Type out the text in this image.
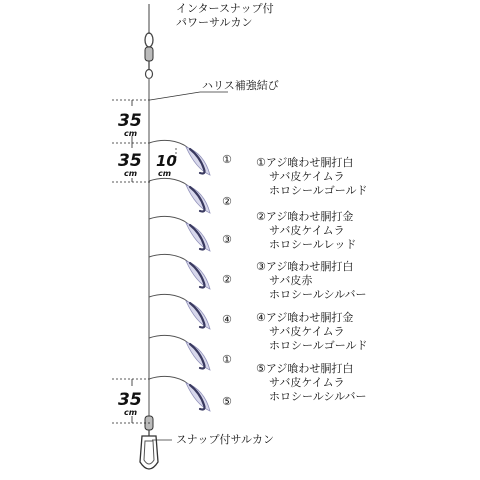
①
②
③
②
④
①
⑤
35
cm
35
cm
10
cm
35
cm
インタースナップ付
パワーサルカン
ハリス補強結び
スナップ付サルカン
①アジ喰わせ胴打白
サバ皮ケイムラ
ホロシールゴールド
②アジ喰わせ胴打金
サバ皮ケイムラ
ホロシールレッド
③アジ喰わせ胴打白
サバ皮赤
ホロシールシルバー
④アジ喰わせ胴打金
サバ皮ケイムラ
ホロシールゴールド
⑤アジ喰わせ胴打白
サバ皮ケイムラ
ホロシールシルバー
